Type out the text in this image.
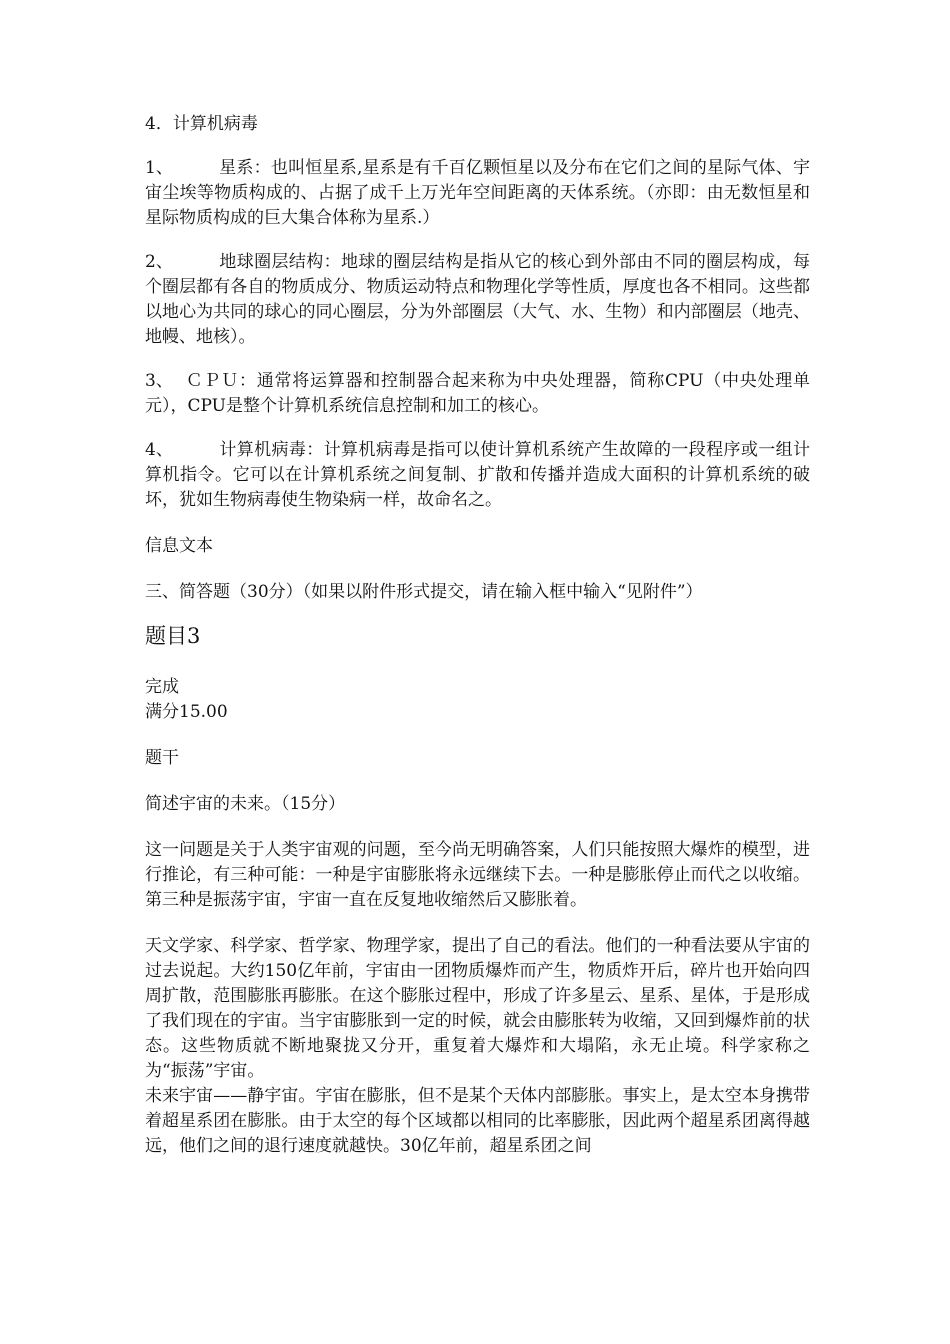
4．计算机病毒

1、	星系：也叫恒星系,星系是有千百亿颗恒星以及分布在它们之间的星际气体、宇宙尘埃等物质构成的、占据了成千上万光年空间距离的天体系统。（亦即：由无数恒星和星际物质构成的巨大集合体称为星系.）

2、	地球圈层结构：地球的圈层结构是指从它的核心到外部由不同的圈层构成，每个圈层都有各自的物质成分、物质运动特点和物理化学等性质，厚度也各不相同。这些都以地心为共同的球心的同心圈层，分为外部圈层（大气、水、生物）和内部圈层（地壳、地幔、地核）。

3、 ＣＰＵ：通常将运算器和控制器合起来称为中央处理器，简称CPU（中央处理单元），CPU是整个计算机系统信息控制和加工的核心。

4、	计算机病毒：计算机病毒是指可以使计算机系统产生故障的一段程序或一组计算机指令。它可以在计算机系统之间复制、扩散和传播并造成大面积的计算机系统的破坏，犹如生物病毒使生物染病一样，故命名之。

信息文本

三、简答题（30分）（如果以附件形式提交，请在输入框中输入“见附件”）

题目3

完成

满分15.00

题干

简述宇宙的未来。（15分）

这一问题是关于人类宇宙观的问题，至今尚无明确答案，人们只能按照大爆炸的模型，进行推论，有三种可能：一种是宇宙膨胀将永远继续下去。一种是膨胀停止而代之以收缩。第三种是振荡宇宙，宇宙一直在反复地收缩然后又膨胀着。

天文学家、科学家、哲学家、物理学家，提出了自己的看法。他们的一种看法要从宇宙的过去说起。大约150亿年前，宇宙由一团物质爆炸而产生，物质炸开后，碎片也开始向四周扩散，范围膨胀再膨胀。在这个膨胀过程中，形成了许多星云、星系、星体，于是形成了我们现在的宇宙。当宇宙膨胀到一定的时候，就会由膨胀转为收缩，又回到爆炸前的状态。这些物质就不断地聚拢又分开，重复着大爆炸和大塌陷，永无止境。科学家称之为“振荡”宇宙。

未来宇宙——静宇宙。宇宙在膨胀，但不是某个天体内部膨胀。事实上，是太空本身携带着超星系团在膨胀。由于太空的每个区域都以相同的比率膨胀，因此两个超星系团离得越远，他们之间的退行速度就越快。30亿年前，超星系团之间
